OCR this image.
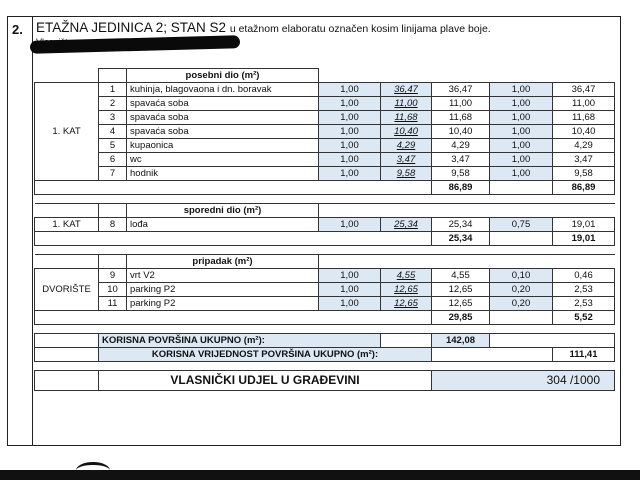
2. ETAŽNA JEDINICA 2; STAN S2 u etažnom elaboratu označen kosim linijama plave boje.
		posebni dio (m²)					
1. KAT	1	kuhinja, blagovaona i dn. boravak	1,00	36,47	36,47	1,00	36,47
	2	spavaća soba	1,00	11,00	11,00	1,00	11,00
	3	spavaća soba	1,00	11,68	11,68	1,00	11,68
	4	spavaća soba	1,00	10,40	10,40	1,00	10,40
	5	kupaonica	1,00	4,29	4,29	1,00	4,29
	6	wc	1,00	3,47	3,47	1,00	3,47
	7	hodnik	1,00	9,58	9,58	1,00	9,58
					86,89		86,89

		sporedni dio (m²)					
1. KAT	8	lođa	1,00	25,34	25,34	0,75	19,01
					25,34		19,01

		pripadak (m²)					
DVORIŠTE	9	vrt V2	1,00	4,55	4,55	0,10	0,46
	10	parking P2	1,00	12,65	12,65	0,20	2,53
	11	parking P2	1,00	12,65	12,65	0,20	2,53
					29,85		5,52

	KORISNA POVRŠINA UKUPNO (m²):				142,08		
	KORISNA VRIJEDNOST POVRŠINA UKUPNO (m²):						111,41

	VLASNIČKI UDJEL U GRAĐEVINI				304 /1000		
